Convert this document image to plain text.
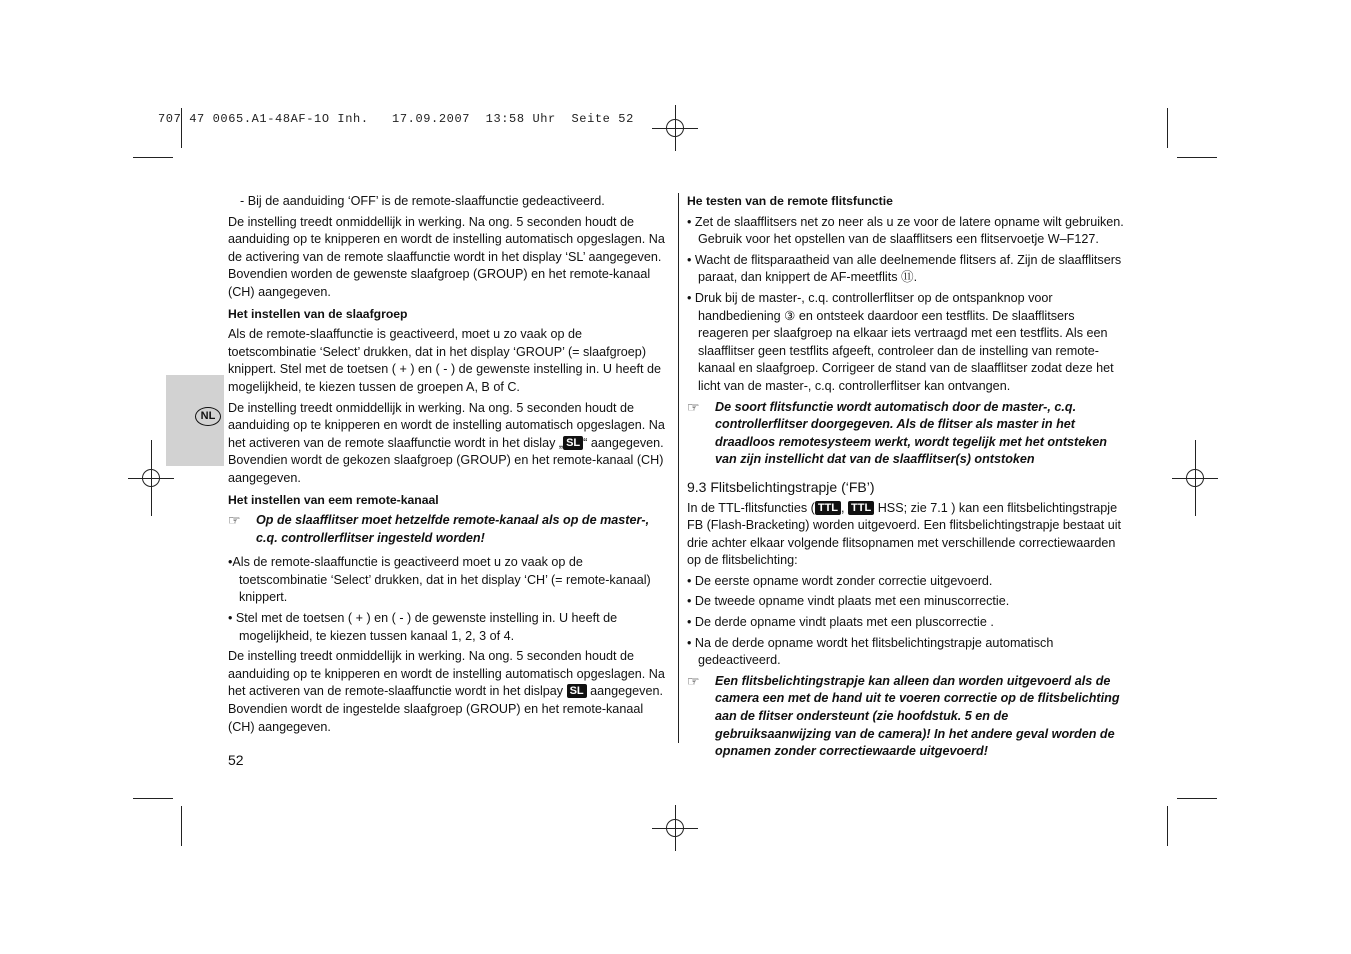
707 47 0065.A1-48AF-1O Inh.   17.09.2007  13:58 Uhr  Seite 52
NL

- Bij de aanduiding ‘OFF’ is de remote-slaaffunctie gedeactiveerd.

De instelling treedt onmiddellijk in werking. Na ong. 5 seconden houdt de aanduiding op te knipperen en wordt de instelling automatisch opgeslagen. Na de activering van de remote slaaffunctie wordt in het display ‘SL’ aangegeven. Bovendien worden de gewenste slaafgroep (GROUP) en het remote-kanaal (CH) aangegeven.

Het instellen van de slaafgroep

Als de remote-slaaffunctie is geactiveerd, moet u zo vaak op de toetscombinatie ‘Select’ drukken, dat in het display ‘GROUP’ (= slaafgroep) knippert. Stel met de toetsen ( + ) en ( - ) de gewenste instelling in. U heeft de mogelijkheid, te kiezen tussen de groepen A, B of C.

De instelling treedt onmiddellijk in werking. Na ong. 5 seconden houdt de aanduiding op te knipperen en wordt de instelling automatisch opgeslagen. Na het activeren van de remote slaaffunctie wordt in het dislay „ SL “ aangegeven. Bovendien wordt de gekozen slaafgroep (GROUP) en het remote-kanaal (CH) aangegeven.

Het instellen van eem remote-kanaal
☞ Op de slaafflitser moet hetzelfde remote-kanaal als op de master-, c.q. controllerflitser ingesteld worden!

•Als de remote-slaaffunctie is geactiveerd moet u zo vaak op de toetscombinatie ‘Select’ drukken, dat in het display ‘CH’ (= remote-kanaal) knippert.

• Stel met de toetsen ( + ) en ( - ) de gewenste instelling in. U heeft de mogelijkheid, te kiezen tussen kanaal 1, 2, 3 of 4.

De instelling treedt onmiddellijk in werking. Na ong. 5 seconden houdt de aanduiding op te knipperen en wordt de instelling automatisch opgeslagen. Na het activeren van de remote-slaaffunctie wordt in het dislpay SL aangegeven. Bovendien wordt de ingestelde slaafgroep (GROUP) en het remote-kanaal (CH) aangegeven.

52
He testen van de remote flitsfunctie

• Zet de slaafflitsers net zo neer als u ze voor de latere opname wilt gebruiken. Gebruik voor het opstellen van de slaafflitsers een flitservoetje W–F127.

• Wacht de flitsparaatheid van alle deelnemende flitsers af. Zijn de slaafflitsers paraat, dan knippert de AF-meetflits ⑪.

• Druk bij de master-, c.q. controllerflitser op de ontspanknop voor handbediening ③ en ontsteek daardoor een testflits. De slaafflitsers reageren per slaafgroep na elkaar iets vertraagd met een testflits. Als een slaafflitser geen testflits afgeeft, controleer dan de instelling van remote-kanaal en slaafgroep. Corrigeer de stand van de slaafflitser zodat deze het licht van de master-, c.q. controllerflitser kan ontvangen.

☞ De soort flitsfunctie wordt automatisch door de master-, c.q. controllerflitser doorgegeven. Als de flitser als master in het draadloos remotesysteem werkt, wordt tegelijk met het ontsteken van zijn instellicht dat van de slaafflitser(s) ontstoken
9.3 Flitsbelichtingstrapje (‘FB’)

In de TTL-flitsfuncties ( TTL , TTL HSS; zie 7.1 ) kan een flitsbelichtingstrapje FB (Flash-Bracketing) worden uitgevoerd. Een flitsbelichtingstrapje bestaat uit drie achter elkaar volgende flitsopnamen met verschillende correctiewaarden op de flitsbelichting:

• De eerste opname wordt zonder correctie uitgevoerd.

• De tweede opname vindt plaats met een minuscorrectie.

• De derde opname vindt plaats met een pluscorrectie .

• Na de derde opname wordt het flitsbelichtingstrapje automatisch gedeactiveerd.

☞ Een flitsbelichtingstrapje kan alleen dan worden uitgevoerd als de camera een met de hand uit te voeren correctie op de flitsbelichting aan de flitser ondersteunt (zie hoofdstuk. 5 en de gebruiksaanwijzing van de camera)! In het andere geval worden de opnamen zonder correctiewaarde uitgevoerd!
